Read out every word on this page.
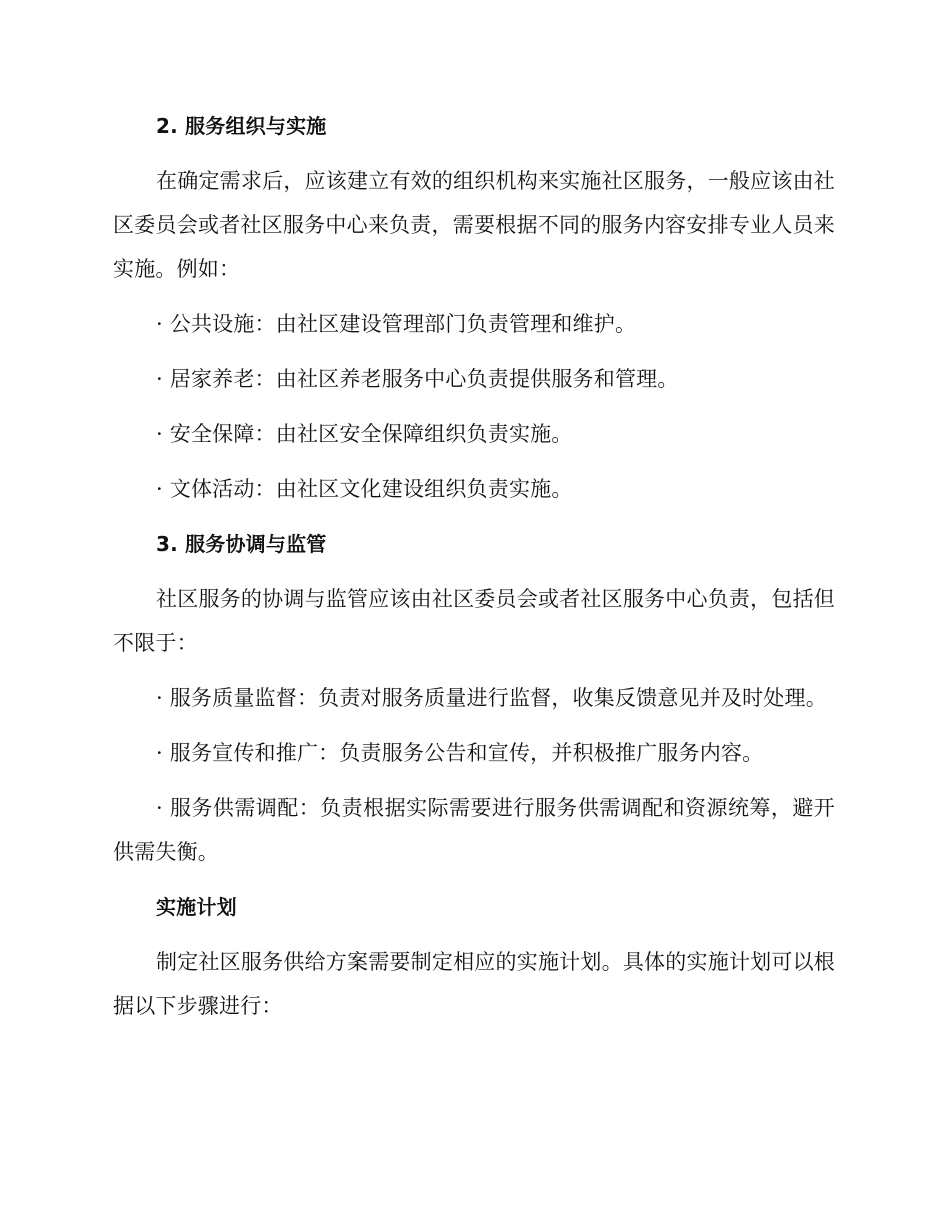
2. 服务组织与实施
在确定需求后，应该建立有效的组织机构来实施社区服务，一般应该由社区委员会或者社区服务中心来负责，需要根据不同的服务内容安排专业人员来实施。例如：
· 公共设施：由社区建设管理部门负责管理和维护。
· 居家养老：由社区养老服务中心负责提供服务和管理。
· 安全保障：由社区安全保障组织负责实施。
· 文体活动：由社区文化建设组织负责实施。
3. 服务协调与监管
社区服务的协调与监管应该由社区委员会或者社区服务中心负责，包括但不限于：
· 服务质量监督：负责对服务质量进行监督，收集反馈意见并及时处理。
· 服务宣传和推广：负责服务公告和宣传，并积极推广服务内容。
· 服务供需调配：负责根据实际需要进行服务供需调配和资源统筹，避开供需失衡。
实施计划
制定社区服务供给方案需要制定相应的实施计划。具体的实施计划可以根据以下步骤进行：
